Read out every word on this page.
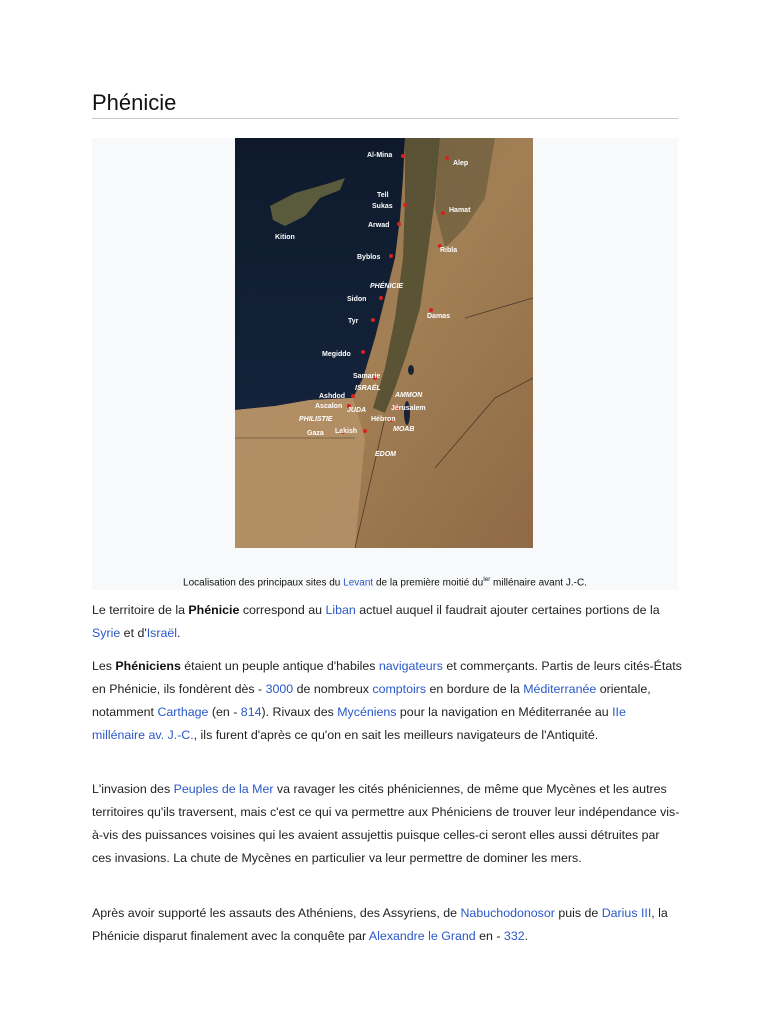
Phénicie
Al-Mina
Alep
Tell
Sukas
Hamat
Kition
Arwad
Byblos
Ribla
PHÉNICIE
Sidon
Damas
Tyr
Megiddo
Samarie
ISRAËL
AMMON
Ashdod
Ascalon
JUDA	Jérusalem
PHILISTIE	Hébron
Gaza Lakish	MOAB
EDOM
Localisation des principaux sites du Levant de la première moitié $du^{Ier}$ millénaire avant J.-C.
Le territoire de la Phénicie correspond au Liban actuel auquel il faudrait ajouter certaines portions de la Syrie et d'Israël.
Les Phéniciens étaient un peuple antique d'habiles navigateurs et commerçants. Partis de leurs cités-États en Phénicie, ils fondèrent dès - 3000 de nombreux comptoirs en bordure de la Méditerranée orientale, notamment Carthage (en - 814). Rivaux des Mycéniens pour la navigation en Méditerranée au IIe millénaire av. J.-C., ils furent d'après ce qu'on en sait les meilleurs navigateurs de l'Antiquité.
L'invasion des Peuples de la Mer va ravager les cités phéniciennes, de même que Mycènes et les autres territoires qu'ils traversent, mais c'est ce qui va permettre aux Phéniciens de trouver leur indépendance vis-à-vis des puissances voisines qui les avaient assujettis puisque celles-ci seront elles aussi détruites par ces invasions. La chute de Mycènes en particulier va leur permettre de dominer les mers.
Après avoir supporté les assauts des Athéniens, des Assyriens, de Nabuchodonosor puis de Darius III, la Phénicie disparut finalement avec la conquête par Alexandre le Grand en - 332.
